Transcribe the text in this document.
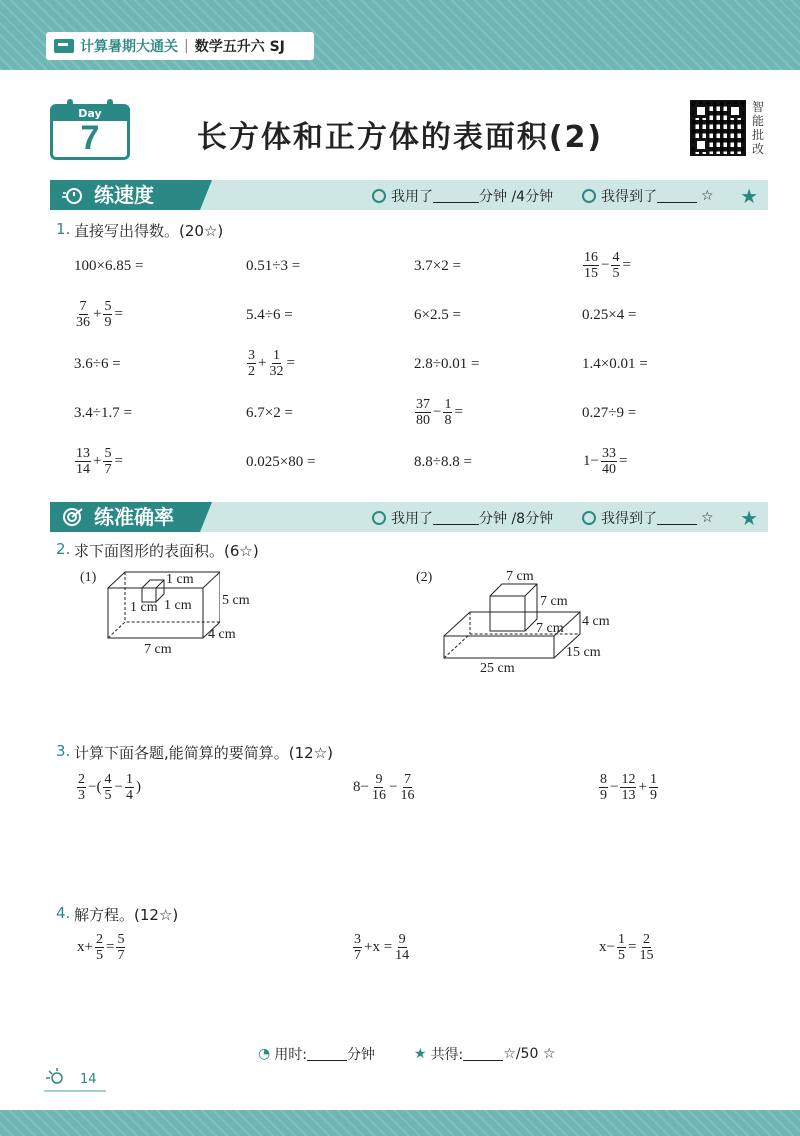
计算暑期大通关 | 数学五升六 SJ
Day
7	长方体和正方体的表面积(2)
智
能
批
改
练速度	我用了	分钟 /4分钟	我得到了	☆ ★
1. 直接写出得数。(20☆)
100×6.85 =	0.51÷3 =	3.7×2 =	$\frac{16}{15} - \frac{4}{5}$ =
$\frac{7}{36} + \frac{5}{9}$ =	5.4÷6 =	6×2.5 =	0.25×4 =
3.6÷6 =	$\frac{3}{2} + \frac{1}{32}$ =	2.8÷0.01 =	1.4×0.01 =
3.4÷1.7 =	6.7×2 =	$\frac{37}{80} - \frac{1}{8}$ =	0.27÷9 =
$\frac{13}{14} + \frac{5}{7}$ =	0.025×80 =	8.8÷8.8 =	$1- \frac{33}{40}$ =
练准确率	我用了	分钟 /8分钟	我得到了	☆ ★
2. 求下面图形的表面积。(6☆)
(1)	1 cm
1 cm 1 cm 5 cm
4 cm
7 cm
(2)	7 cm
7 cm
7 cm 4 cm
15 cm
25 cm
3. 计算下面各题,能简算的要简算。(12☆)
$\frac{2}{3}$ −( $\frac{4}{5} - \frac{1}{4}$ )	$8- \frac{9}{16} - \frac{7}{16}$	$\frac{8}{9} - \frac{12}{13} + \frac{1}{9}$
4. 解方程。(12☆)
$x+ \frac{2}{5} = \frac{5}{7}$	$\frac{3}{7} +x = \frac{9}{14}$	$x- \frac{1}{5} = \frac{2}{15}$
◔ 用时:	分钟	★ 共得:	☆/50 ☆
14
